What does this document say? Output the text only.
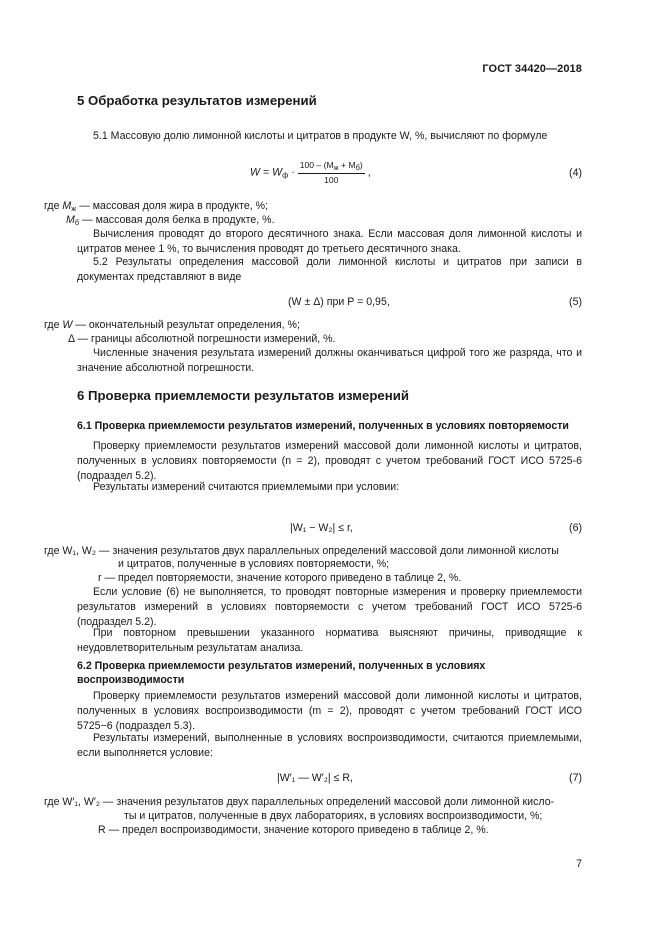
ГОСТ 34420—2018
5 Обработка результатов измерений
5.1 Массовую долю лимонной кислоты и цитратов в продукте W, %, вычисляют по формуле
$W = W_ф \cdot \frac{100 - (M_ж + M_б)}{100}$ ,	(4)
где $M_ж$ — массовая доля жира в продукте, %;
$M_б$ — массовая доля белка в продукте, %.
Вычисления проводят до второго десятичного знака. Если массовая доля лимонной кислоты и цитратов менее 1 %, то вычисления проводят до третьего десятичного знака.
5.2 Результаты определения массовой доли лимонной кислоты и цитратов при записи в документах представляют в виде
(W ± Δ) при P = 0,95,	(5)
где W — окончательный результат определения, %;
Δ — границы абсолютной погрешности измерений, %.
Численные значения результата измерений должны оканчиваться цифрой того же разряда, что и значение абсолютной погрешности.
6 Проверка приемлемости результатов измерений
6.1 Проверка приемлемости результатов измерений, полученных в условиях повторяемости
Проверку приемлемости результатов измерений массовой доли лимонной кислоты и цитратов, полученных в условиях повторяемости (n = 2), проводят с учетом требований ГОСТ ИСО 5725-6 (подраздел 5.2).
Результаты измерений считаются приемлемыми при условии:
|W₁ − W₂| ≤ r,	(6)
где W₁, W₂ — значения результатов двух параллельных определений массовой доли лимонной кислоты
и цитратов, полученные в условиях повторяемости, %;
r — предел повторяемости, значение которого приведено в таблице 2, %.
Если условие (6) не выполняется, то проводят повторные измерения и проверку приемлемости результатов измерений в условиях повторяемости с учетом требований ГОСТ ИСО 5725-6 (подраздел 5.2).
При повторном превышении указанного норматива выясняют причины, приводящие к неудовлетворительным результатам анализа.
6.2 Проверка приемлемости результатов измерений, полученных в условиях
воспроизводимости
Проверку приемлемости результатов измерений массовой доли лимонной кислоты и цитратов, полученных в условиях воспроизводимости (m = 2), проводят с учетом требований ГОСТ ИСО 5725−6 (подраздел 5.3).
Результаты измерений, выполненные в условиях воспроизводимости, считаются приемлемыми, если выполняется условие:
|W′₁ — W′₂| ≤ R,	(7)
где W′₁, W′₂ — значения результатов двух параллельных определений массовой доли лимонной кисло-
ты и цитратов, полученные в двух лабораториях, в условиях воспроизводимости, %;
R — предел воспроизводимости, значение которого приведено в таблице 2, %.
7
